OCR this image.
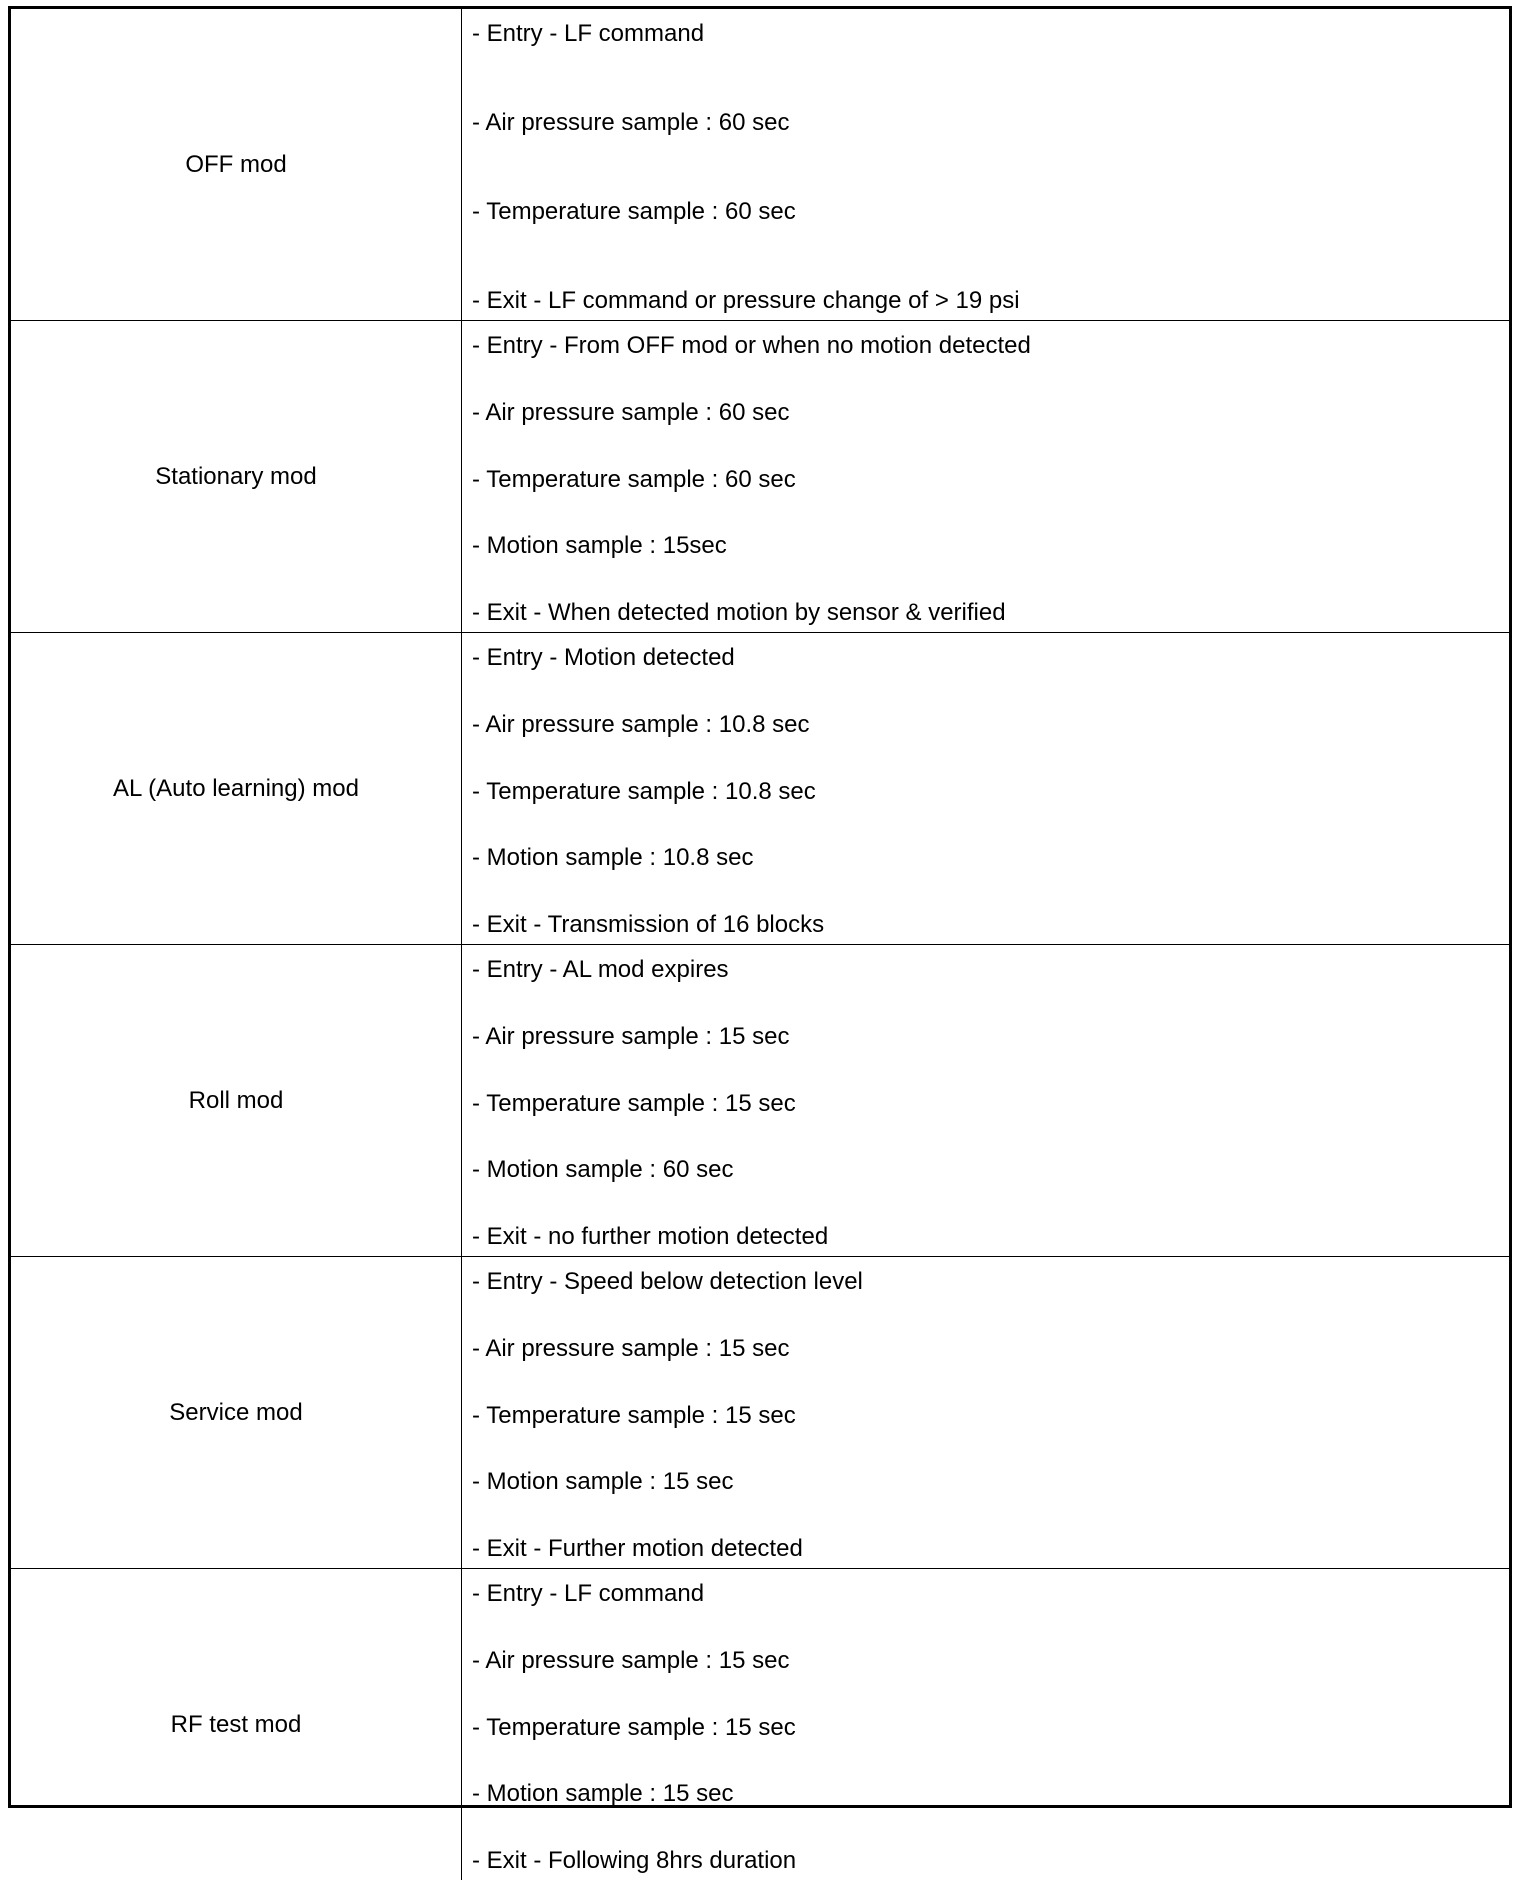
OFF mod	- Entry - LF command
- Air pressure sample : 60 sec
- Temperature sample : 60 sec
- Exit - LF command or pressure change of > 19 psi

Stationary mod	- Entry - From OFF mod or when no motion detected
- Air pressure sample : 60 sec
- Temperature sample : 60 sec
- Motion sample : 15sec
- Exit - When detected motion by sensor & verified

AL (Auto learning) mod	- Entry - Motion detected
- Air pressure sample : 10.8 sec
- Temperature sample : 10.8 sec
- Motion sample : 10.8 sec
- Exit - Transmission of 16 blocks

Roll mod	- Entry - AL mod expires
- Air pressure sample : 15 sec
- Temperature sample : 15 sec
- Motion sample : 60 sec
- Exit - no further motion detected

Service mod	- Entry - Speed below detection level
- Air pressure sample : 15 sec
- Temperature sample : 15 sec
- Motion sample : 15 sec
- Exit - Further motion detected

RF test mod	- Entry - LF command
- Air pressure sample : 15 sec
- Temperature sample : 15 sec
- Motion sample : 15 sec
- Exit - Following 8hrs duration
